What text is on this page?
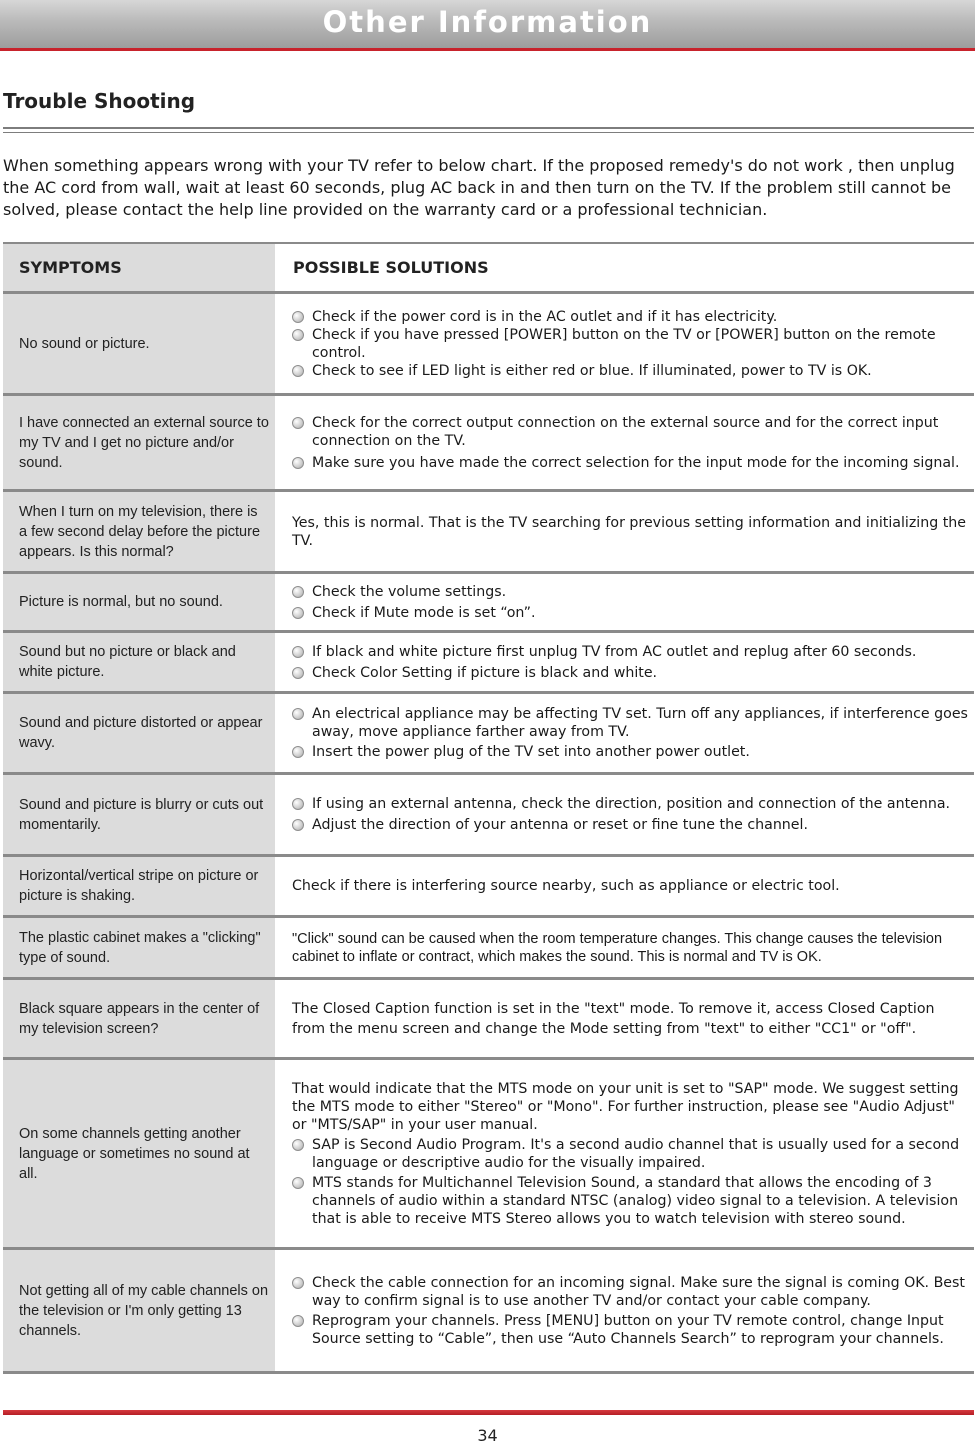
Other Information
Trouble Shooting

When something appears wrong with your TV refer to below chart. If the proposed remedy's do not work , then unplug the AC cord from wall, wait at least 60 seconds, plug AC back in and then turn on the TV. If the problem still cannot be solved, please contact the help line provided on the warranty card or a professional technician.

SYMPTOMS	POSSIBLE SOLUTIONS
No sound or picture.
Check if the power cord is in the AC outlet and if it has electricity.
Check if you have pressed [POWER] button on the TV or [POWER] button on the remote control.
Check to see if LED light is either red or blue. If illuminated, power to TV is OK.
I have connected an external source to my TV and I get no picture and/or sound.
Check for the correct output connection on the external source and for the correct input connection on the TV.
Make sure you have made the correct selection for the input mode for the incoming signal.
When I turn on my television, there is a few second delay before the picture appears. Is this normal?
Yes, this is normal. That is the TV searching for previous setting information and initializing the TV.
Picture is normal, but no sound.
Check the volume settings.
Check if Mute mode is set “on”.
Sound but no picture or black and white picture.
If black and white picture first unplug TV from AC outlet and replug after 60 seconds.
Check Color Setting if picture is black and white.
Sound and picture distorted or appear wavy.
An electrical appliance may be affecting TV set. Turn off any appliances, if interference goes away, move appliance farther away from TV.
Insert the power plug of the TV set into another power outlet.
Sound and picture is blurry or cuts out momentarily.
If using an external antenna, check the direction, position and connection of the antenna.
Adjust the direction of your antenna or reset or fine tune the channel.
Horizontal/vertical stripe on picture or picture is shaking.
Check if there is interfering source nearby, such as appliance or electric tool.
The plastic cabinet makes a "clicking" type of sound.
"Click" sound can be caused when the room temperature changes. This change causes the television cabinet to inflate or contract, which makes the sound. This is normal and TV is OK.
Black square appears in the center of my television screen?
The Closed Caption function is set in the "text" mode. To remove it, access Closed Caption from the menu screen and change the Mode setting from "text" to either "CC1" or "off".
On some channels getting another language or sometimes no sound at all.
That would indicate that the MTS mode on your unit is set to "SAP" mode. We suggest setting the MTS mode to either "Stereo" or "Mono". For further instruction, please see "Audio Adjust" or "MTS/SAP" in your user manual.
SAP is Second Audio Program. It's a second audio channel that is usually used for a second language or descriptive audio for the visually impaired.
MTS stands for Multichannel Television Sound, a standard that allows the encoding of 3 channels of audio within a standard NTSC (analog) video signal to a television. A television that is able to receive MTS Stereo allows you to watch television with stereo sound.
Not getting all of my cable channels on the television or I'm only getting 13 channels.
Check the cable connection for an incoming signal. Make sure the signal is coming OK. Best way to confirm signal is to use another TV and/or contact your cable company.
Reprogram your channels. Press [MENU] button on your TV remote control, change Input Source setting to “Cable”, then use “Auto Channels Search” to reprogram your channels.
34
